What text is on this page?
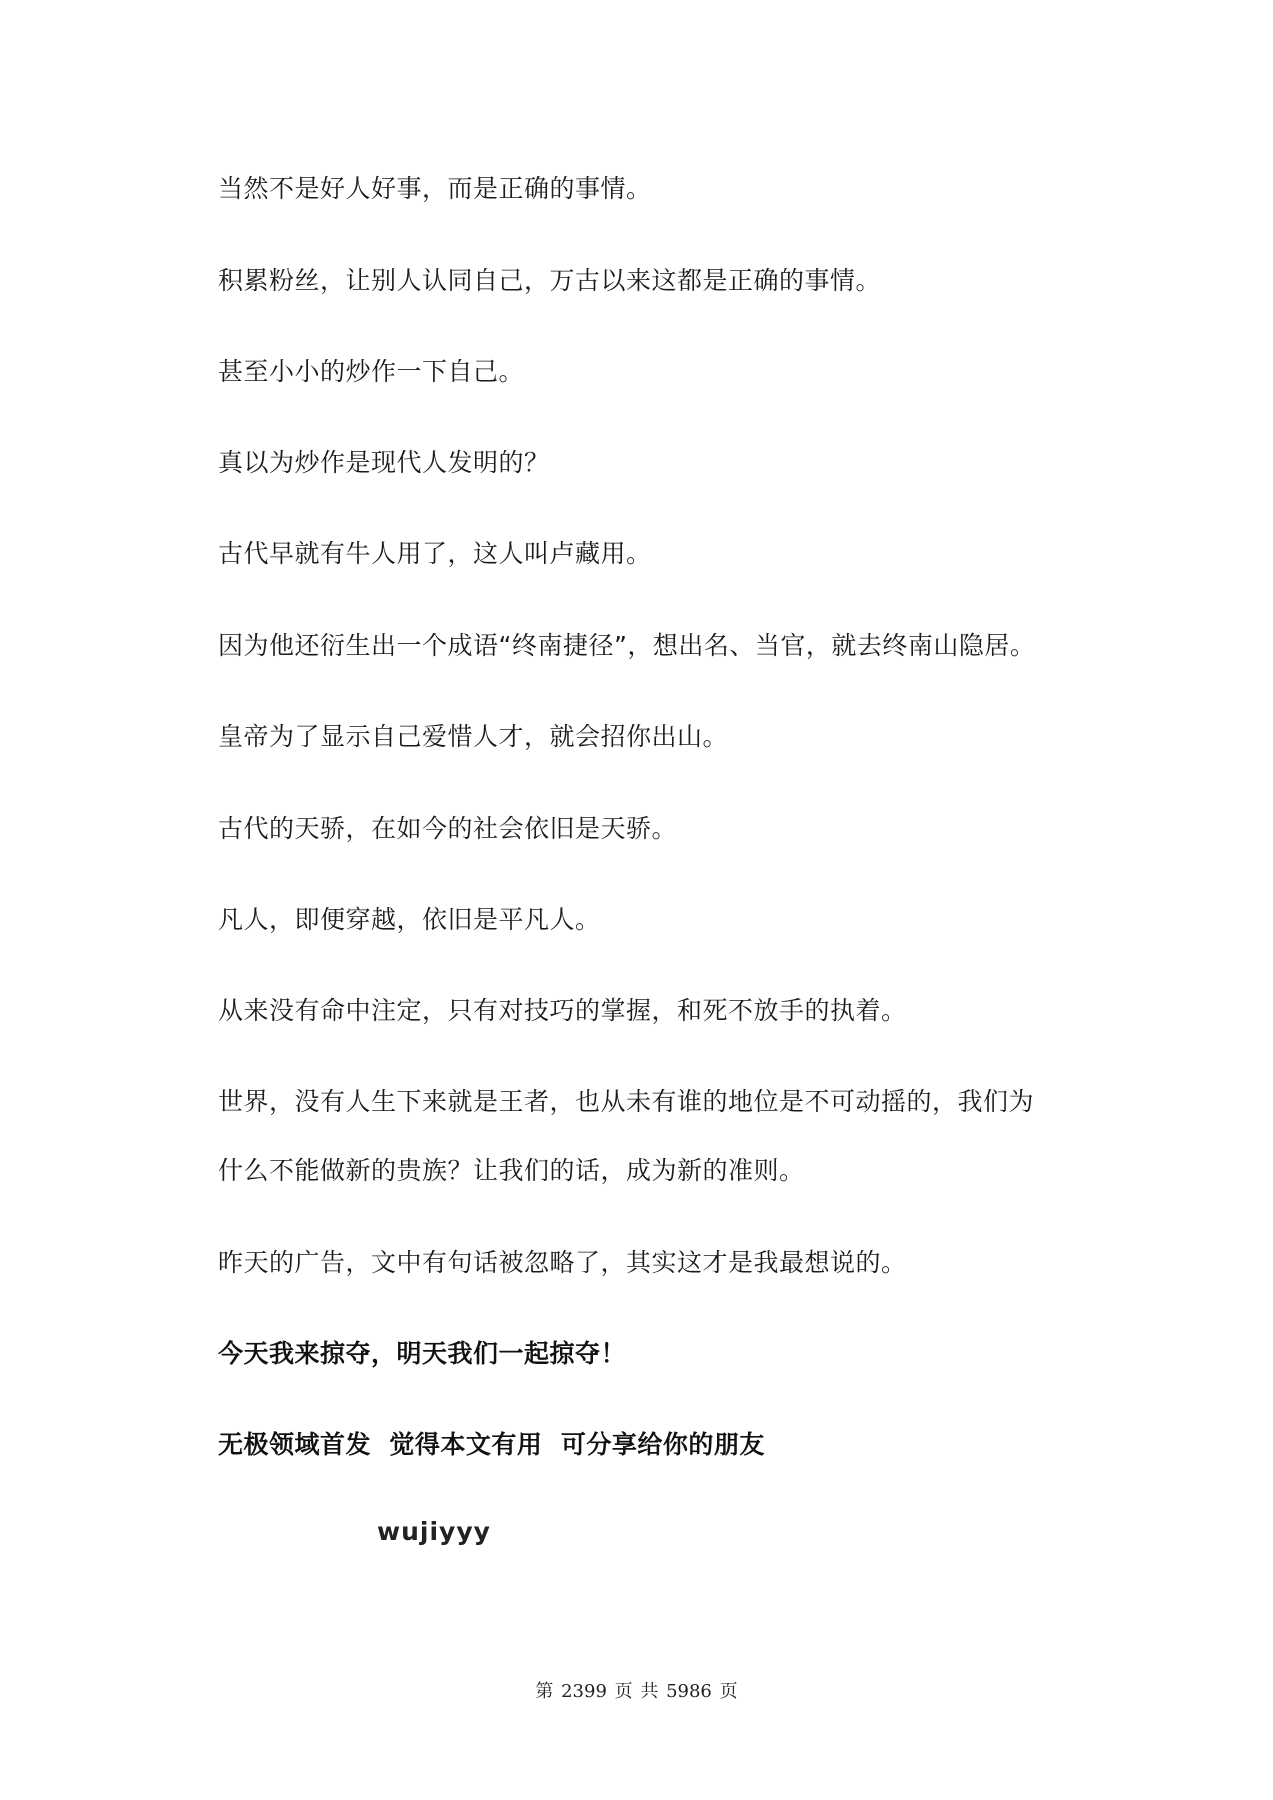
当然不是好人好事，而是正确的事情。

积累粉丝，让别人认同自己，万古以来这都是正确的事情。

甚至小小的炒作一下自己。

真以为炒作是现代人发明的？

古代早就有牛人用了，这人叫卢藏用。

因为他还衍生出一个成语“终南捷径”，想出名、当官，就去终南山隐居。

皇帝为了显示自己爱惜人才，就会招你出山。

古代的天骄，在如今的社会依旧是天骄。

凡人，即便穿越，依旧是平凡人。

从来没有命中注定，只有对技巧的掌握，和死不放手的执着。

世界，没有人生下来就是王者，也从未有谁的地位是不可动摇的，我们为

什么不能做新的贵族？让我们的话，成为新的准则。

昨天的广告，文中有句话被忽略了，其实这才是我最想说的。

今天我来掠夺，明天我们一起掠夺！

无极领域首发  觉得本文有用  可分享给你的朋友

wujiyyy
第 2399 页 共 5986 页
